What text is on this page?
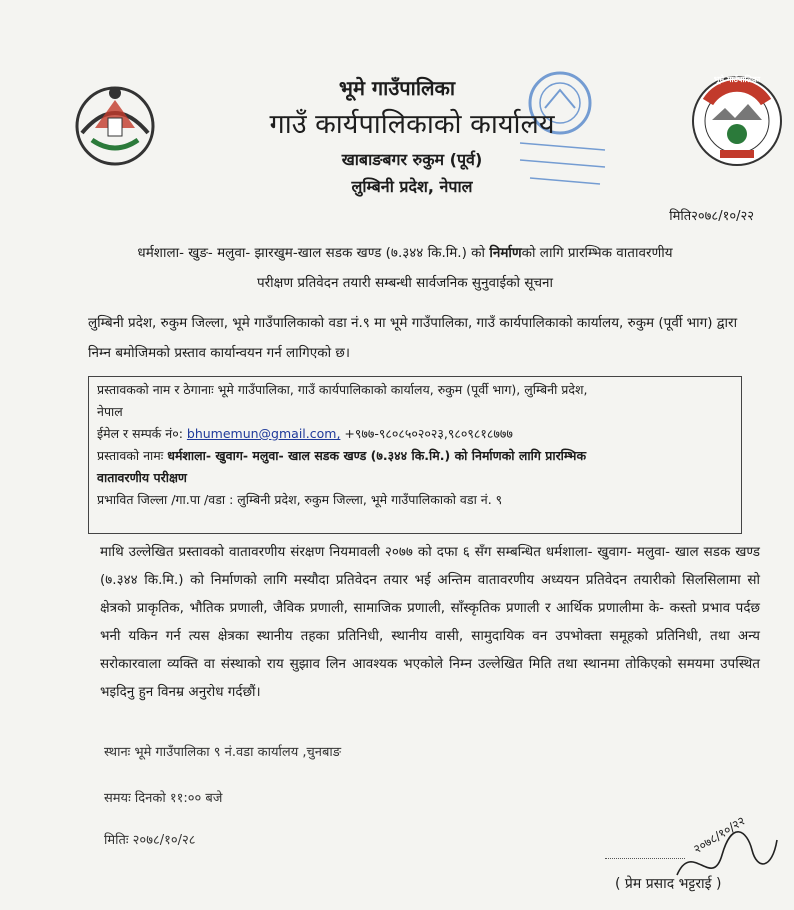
भूमे गाउँपालिका
भूमे गाउँपालिका
गाउँ कार्यपालिकाको कार्यालय
खाबाङबगर रुकुम (पूर्व)
लुम्बिनी प्रदेश, नेपाल
मिति२०७८/१०/२२
धर्मशाला- खुङ- मलुवा- झारखुम-खाल सडक खण्ड (७.३४४ कि.मि.) को निर्माणको लागि प्रारम्भिक वातावरणीय
परीक्षण प्रतिवेदन तयारी सम्बन्धी सार्वजनिक सुनुवाईको सूचना
लुम्बिनी प्रदेश, रुकुम जिल्ला, भूमे गाउँपालिकाको वडा नं.९ मा भूमे गाउँपालिका, गाउँ कार्यपालिकाको कार्यालय, रुकुम (पूर्वी भाग) द्वारा निम्न बमोजिमको प्रस्ताव कार्यान्वयन गर्न लागिएको छ।
प्रस्तावकको नाम र ठेगानाः भूमे गाउँपालिका, गाउँ कार्यपालिकाको कार्यालय, रुकुम (पूर्वी भाग), लुम्बिनी प्रदेश,
नेपाल
ईमेल र सम्पर्क नं०: bhumemun@gmail.com, +९७७-९८०८५०२०२३,९८०९८१८७७७
प्रस्तावको नामः धर्मशाला- खुवाग- मलुवा- खाल सडक खण्ड (७.३४४ कि.मि.) को निर्माणको लागि प्रारम्भिक
वातावरणीय परीक्षण
प्रभावित जिल्ला /गा.पा /वडा : लुम्बिनी प्रदेश, रुकुम जिल्ला, भूमे गाउँपालिकाको वडा नं. ९
माथि उल्लेखित प्रस्तावको वातावरणीय संरक्षण नियमावली २०७७ को दफा ६ सँग सम्बन्धित धर्मशाला- खुवाग- मलुवा- खाल सडक खण्ड (७.३४४ कि.मि.) को निर्माणको लागि मस्यौदा प्रतिवेदन तयार भई अन्तिम वातावरणीय अध्ययन प्रतिवेदन तयारीको सिलसिलामा सो क्षेत्रको प्राकृतिक, भौतिक प्रणाली, जैविक प्रणाली, सामाजिक प्रणाली, साँस्कृतिक प्रणाली र आर्थिक प्रणालीमा के- कस्तो प्रभाव पर्दछ भनी यकिन गर्न त्यस क्षेत्रका स्थानीय तहका प्रतिनिधी, स्थानीय वासी, सामुदायिक वन उपभोक्ता समूहको प्रतिनिधी, तथा अन्य सरोकारवाला व्यक्ति वा संस्थाको राय सुझाव लिन आवश्यक भएकोले निम्न उल्लेखित मिति तथा स्थानमा तोकिएको समयमा उपस्थित भइदिनु हुन विनम्र अनुरोध गर्दछौं।
स्थानः भूमे गाउँपालिका ९ नं.वडा कार्यालय ,चुनबाङ
समयः दिनको ११:०० बजे
मितिः २०७८/१०/२८	२०७८/१०/२२
( प्रेम प्रसाद भट्टराई )
